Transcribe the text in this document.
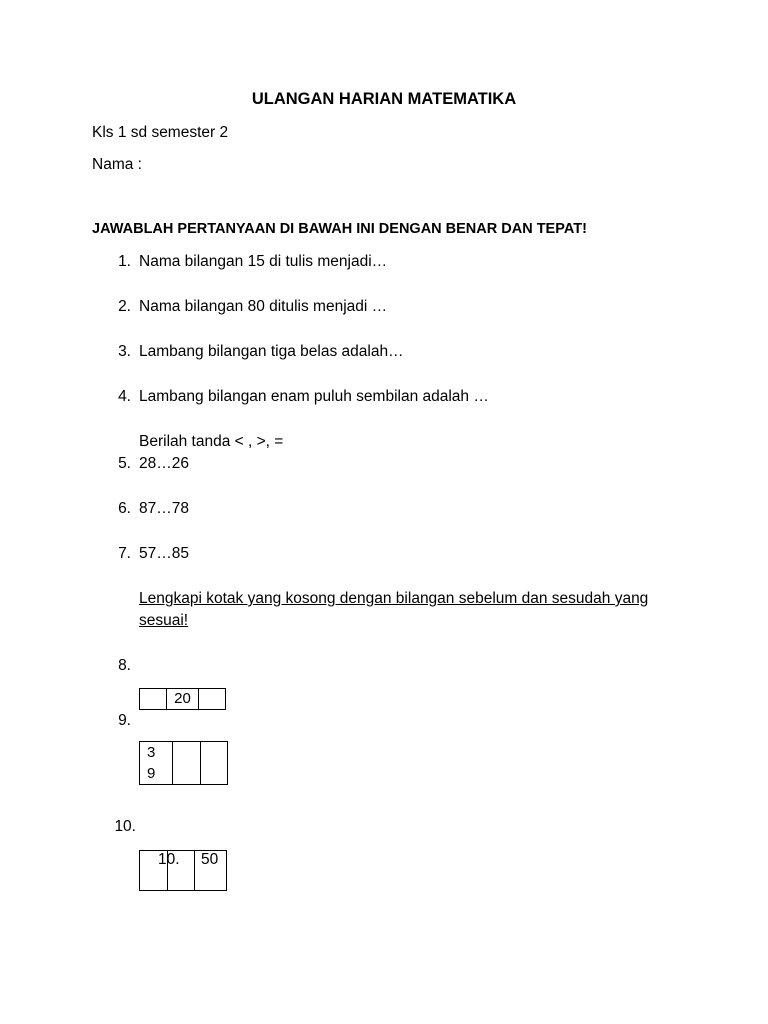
ULANGAN HARIAN MATEMATIKA
Kls 1 sd semester 2
Nama :
JAWABLAH PERTANYAAN DI BAWAH INI DENGAN BENAR DAN TEPAT!
1. Nama bilangan 15 di tulis menjadi…
2. Nama bilangan 80 ditulis menjadi …
3. Lambang bilangan tiga belas adalah…
4. Lambang bilangan enam puluh sembilan adalah …
Berilah tanda < , >, =
5. 28…26
6. 87…78
7. 57…85
Lengkapi kotak yang kosong dengan bilangan sebelum dan sesudah yang
sesuai!
8.
20
9.
3
9
10.
10. 50
